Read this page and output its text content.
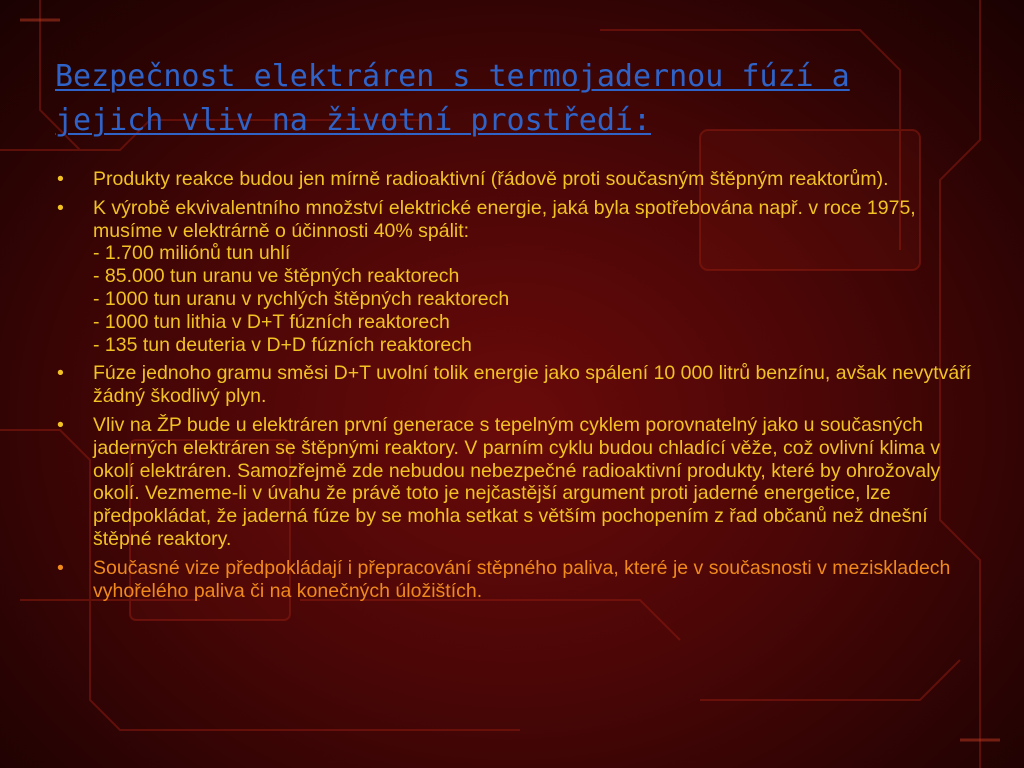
Bezpečnost elektráren s termojadernou fúzí a
jejich vliv na životní prostředí:
• Produkty reakce budou jen mírně radioaktivní (řádově proti současným štěpným reaktorům).
• K výrobě ekvivalentního množství elektrické energie, jaká byla spotřebována např. v roce 1975, musíme v elektrárně o účinnosti 40% spálit:
- 1.700 miliónů tun uhlí
- 85.000 tun uranu ve štěpných reaktorech
- 1000 tun uranu v rychlých štěpných reaktorech
- 1000 tun lithia v D+T fúzních reaktorech
- 135 tun deuteria v D+D fúzních reaktorech
• Fúze jednoho gramu směsi D+T uvolní tolik energie jako spálení 10 000 litrů benzínu, avšak nevytváří žádný škodlivý plyn.
• Vliv na ŽP bude u elektráren první generace s tepelným cyklem porovnatelný jako u současných jaderných elektráren se štěpnými reaktory. V parním cyklu budou chladící věže, což ovlivní klima v okolí elektráren. Samozřejmě zde nebudou nebezpečné radioaktivní produkty, které by ohrožovaly okolí. Vezmeme-li v úvahu že právě toto je nejčastější argument proti jaderné energetice, lze předpokládat, že jaderná fúze by se mohla setkat s větším pochopením z řad občanů než dnešní štěpné reaktory.
• Současné vize předpokládají i přepracování stěpného paliva, které je v současnosti v meziskladech vyhořelého paliva či na konečných úložištích.
